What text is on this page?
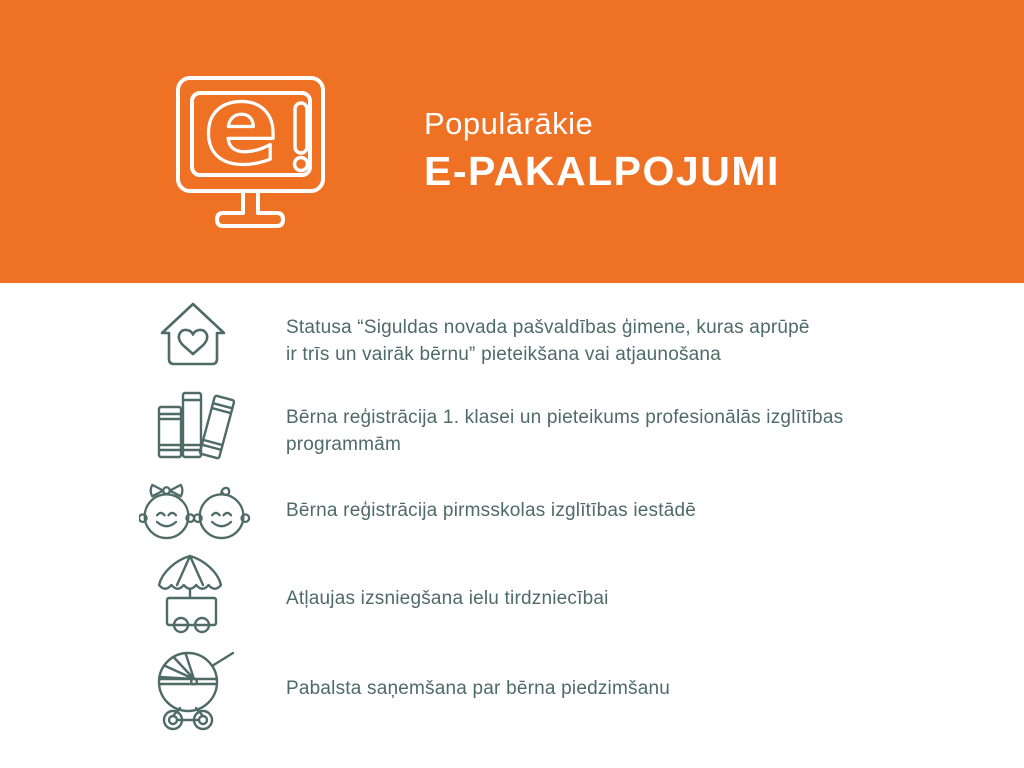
e	Populārākie
E-PAKALPOJUMI
Statusa “Siguldas novada pašvaldības ģimene, kuras aprūpē
ir trīs un vairāk bērnu” pieteikšana vai atjaunošana
Bērna reģistrācija 1. klasei un pieteikums profesionālās izglītības
programmām
Bērna reģistrācija pirmsskolas izglītības iestādē
Atļaujas izsniegšana ielu tirdzniecībai
Pabalsta saņemšana par bērna piedzimšanu
